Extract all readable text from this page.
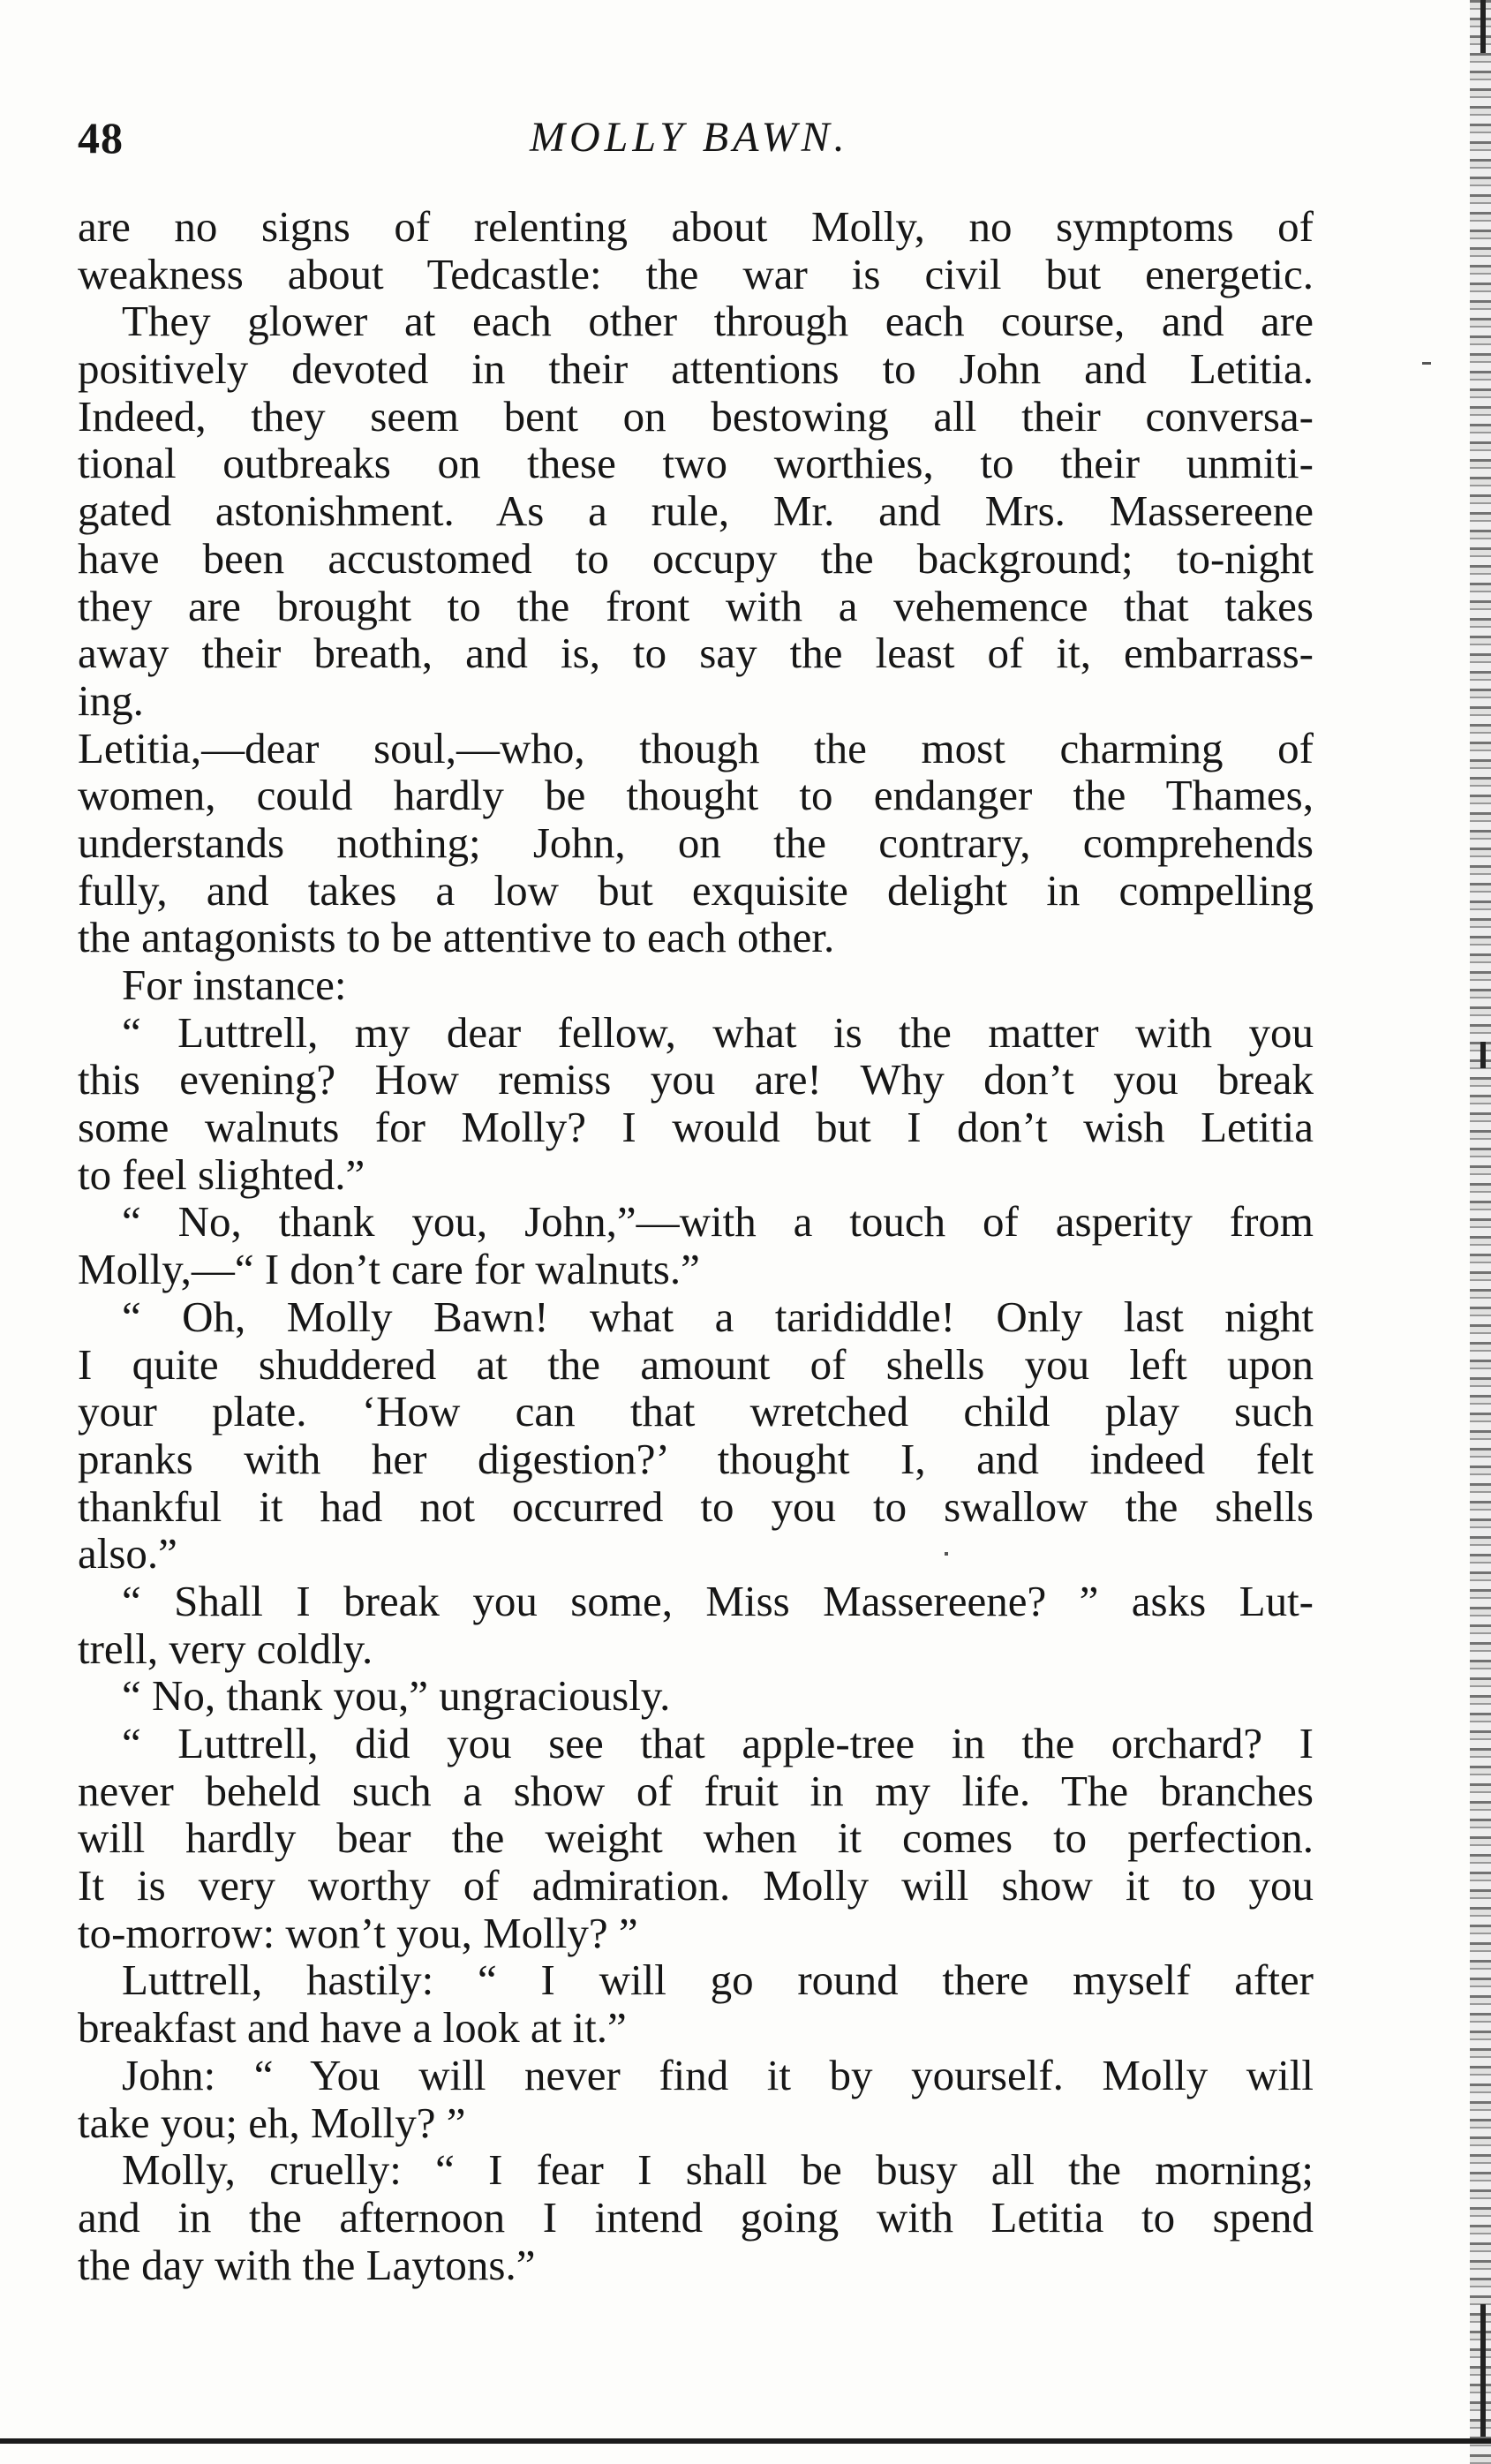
48	MOLLY BAWN.
are no signs of relenting about Molly, no symptoms of
weakness about Tedcastle: the war is civil but energetic.
They glower at each other through each course, and are
positively devoted in their attentions to John and Letitia.
Indeed, they seem bent on bestowing all their conversa-
tional outbreaks on these two worthies, to their unmiti-
gated astonishment. As a rule, Mr. and Mrs. Massereene
have been accustomed to occupy the background; to-night
they are brought to the front with a vehemence that takes
away their breath, and is, to say the least of it, embarrass-
ing.
Letitia,—dear soul,—who, though the most charming of
women, could hardly be thought to endanger the Thames,
understands nothing; John, on the contrary, comprehends
fully, and takes a low but exquisite delight in compelling
the antagonists to be attentive to each other.
For instance:
“ Luttrell, my dear fellow, what is the matter with you
this evening? How remiss you are! Why don’t you break
some walnuts for Molly? I would but I don’t wish Letitia
to feel slighted.”
“ No, thank you, John,”—with a touch of asperity from
Molly,—“ I don’t care for walnuts.”
“ Oh, Molly Bawn! what a tarididdle! Only last night
I quite shuddered at the amount of shells you left upon
your plate. ‘How can that wretched child play such
pranks with her digestion?’ thought I, and indeed felt
thankful it had not occurred to you to swallow the shells
also.”
“ Shall I break you some, Miss Massereene? ” asks Lut-
trell, very coldly.
“ No, thank you,” ungraciously.
“ Luttrell, did you see that apple-tree in the orchard? I
never beheld such a show of fruit in my life. The branches
will hardly bear the weight when it comes to perfection.
It is very worthy of admiration. Molly will show it to you
to-morrow: won’t you, Molly? ”
Luttrell, hastily: “ I will go round there myself after
breakfast and have a look at it.”
John: “ You will never find it by yourself. Molly will
take you; eh, Molly? ”
Molly, cruelly: “ I fear I shall be busy all the morning;
and in the afternoon I intend going with Letitia to spend
the day with the Laytons.”
